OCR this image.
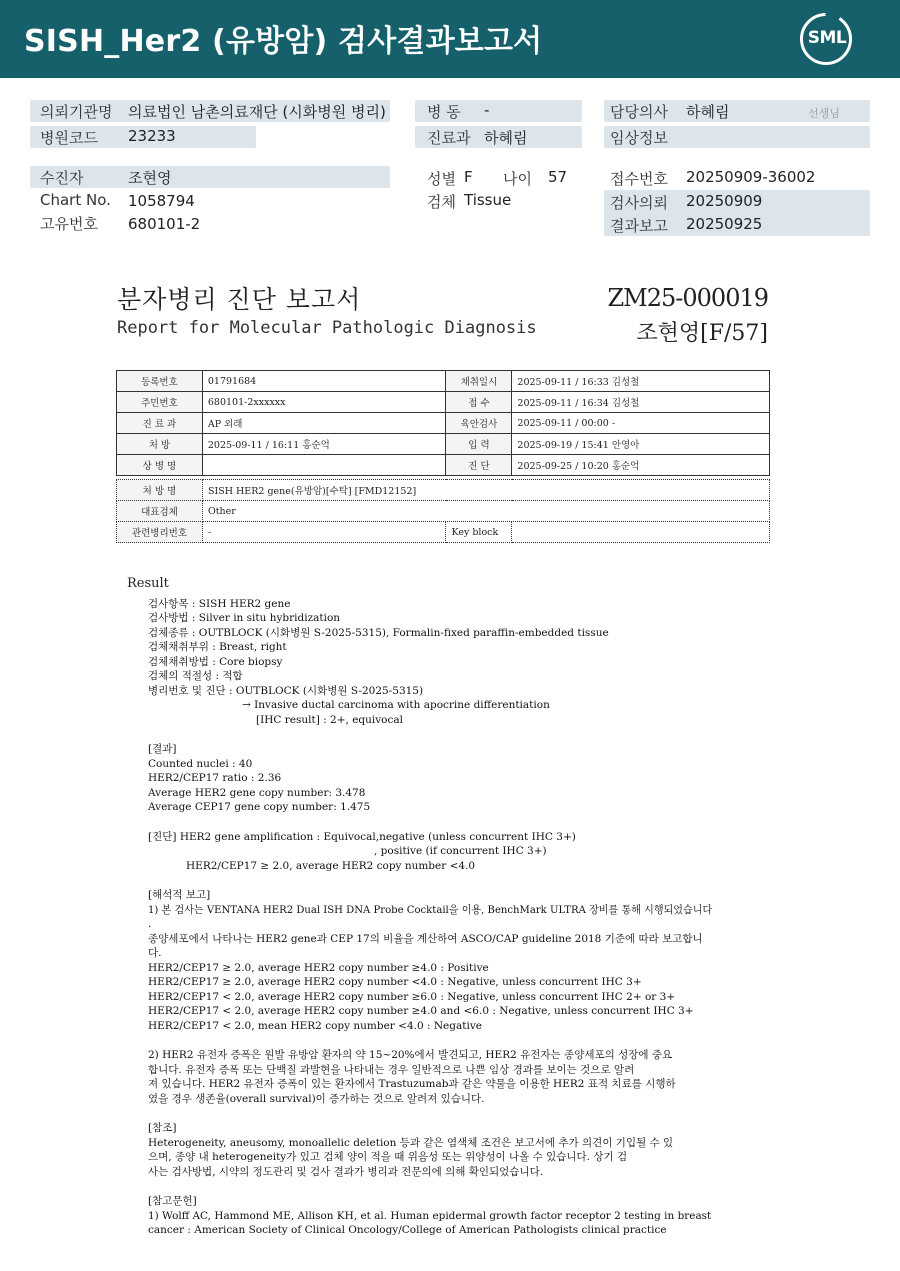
SISH_Her2 (유방암) 검사결과보고서	SML
의뢰기관명 의료법인 남촌의료재단 (시화병원 병리)	병 동 -	담당의사 하혜림	선생님
병원코드 23233	진료과 하혜림	임상정보
수진자	조현영	성별 F 나이 57	접수번호 20250909-36002
Chart No. 1058794	검체 Tissue	검사의뢰 20250909
고유번호 680101-2	결과보고 20250925
분자병리 진단 보고서
Report for Molecular Pathologic Diagnosis
ZM25-000019
조현영[F/57]
등록번호	01791684	채취일시	2025-09-11 / 16:33 김성철
주민번호	680101-2xxxxxx	접 수	2025-09-11 / 16:34 김성철
진 료 과	AP 외래	육안검사	2025-09-11 / 00:00 -
처 방	2025-09-11 / 16:11 홍순억	입 력	2025-09-19 / 15:41 안영아
상 병 명		진 단	2025-09-25 / 10:20 홍순억
처 방 명	SISH HER2 gene(유방암)[수탁] [FMD12152]		
대표검체	Other		
관련병리번호	-	Key block	
Result
검사항목 : SISH HER2 gene
검사방법 : Silver in situ hybridization
검체종류 : OUTBLOCK (시화병원 S-2025-5315), Formalin-fixed paraffin-embedded tissue
검체채취부위 : Breast, right
검체채취방법 : Core biopsy
검체의 적절성 : 적합
병리번호 및 진단 : OUTBLOCK (시화병원 S-2025-5315)
→ Invasive ductal carcinoma with apocrine differentiation
[IHC result] : 2+, equivocal
[결과]
Counted nuclei : 40
HER2/CEP17 ratio : 2.36
Average HER2 gene copy number: 3.478
Average CEP17 gene copy number: 1.475
[진단] HER2 gene amplification : Equivocal,negative (unless concurrent IHC 3+)
, positive (if concurrent IHC 3+)
HER2/CEP17 ≥ 2.0, average HER2 copy number <4.0
[해석적 보고]
1) 본 검사는 VENTANA HER2 Dual ISH DNA Probe Cocktail을 이용, BenchMark ULTRA 장비를 통해 시행되었습니다
.
종양세포에서 나타나는 HER2 gene과 CEP 17의 비율을 계산하여 ASCO/CAP guideline 2018 기준에 따라 보고합니
다.
HER2/CEP17 ≥ 2.0, average HER2 copy number ≥4.0 : Positive
HER2/CEP17 ≥ 2.0, average HER2 copy number <4.0 : Negative, unless concurrent IHC 3+
HER2/CEP17 < 2.0, average HER2 copy number ≥6.0 : Negative, unless concurrent IHC 2+ or 3+
HER2/CEP17 < 2.0, average HER2 copy number ≥4.0 and <6.0 : Negative, unless concurrent IHC 3+
HER2/CEP17 < 2.0, mean HER2 copy number <4.0 : Negative
2) HER2 유전자 증폭은 원발 유방암 환자의 약 15~20%에서 발견되고, HER2 유전자는 종양세포의 성장에 중요
합니다. 유전자 증폭 또는 단백질 과발현을 나타내는 경우 일반적으로 나쁜 임상 경과를 보이는 것으로 알려
져 있습니다. HER2 유전자 증폭이 있는 환자에서 Trastuzumab과 같은 약물을 이용한 HER2 표적 치료를 시행하
였을 경우 생존율(overall survival)이 증가하는 것으로 알려져 있습니다.
[참조]
Heterogeneity, aneusomy, monoallelic deletion 등과 같은 염색체 조건은 보고서에 추가 의견이 기입될 수 있
으며, 종양 내 heterogeneity가 있고 검체 양이 적을 때 위음성 또는 위양성이 나올 수 있습니다. 상기 검
사는 검사방법, 시약의 정도관리 및 검사 결과가 병리과 전문의에 의해 확인되었습니다.
[참고문헌]
1) Wolff AC, Hammond ME, Allison KH, et al. Human epidermal growth factor receptor 2 testing in breast
cancer : American Society of Clinical Oncology/College of American Pathologists clinical practice
